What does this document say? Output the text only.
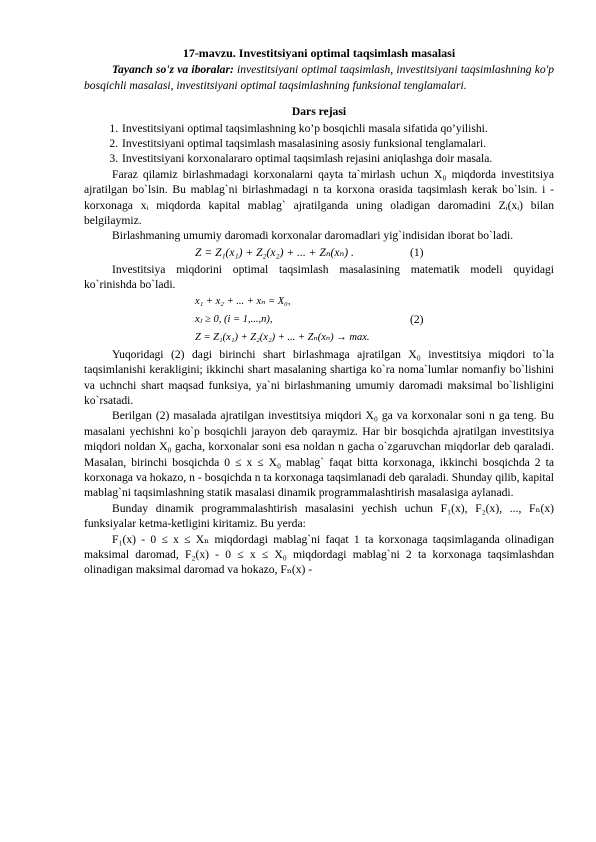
17-mavzu. Investitsiyani optimal taqsimlash masalasi

Tayanch so'z va iboralar: investitsiyani optimal taqsimlash, investitsiyani taqsimlashning ko'p bosqichli masalasi, investitsiyani optimal taqsimlashning funksional tenglamalari.

Dars rejasi
1. Investitsiyani optimal taqsimlashning ko’p bosqichli masala sifatida qo’yilishi.
2. Investitsiyani optimal taqsimlash masalasining asosiy funksional tenglamalari.
3. Investitsiyani korxonalararo optimal taqsimlash rejasini aniqlashga doir masala.

Faraz qilamiz birlashmadagi korxonalarni qayta ta`mirlash uchun X₀ miqdorda investitsiya ajratilgan bo`lsin. Bu mablag`ni birlashmadagi n ta korxona orasida taqsimlash kerak bo`lsin. i - korxonaga xᵢ miqdorda kapital mablag` ajratilganda uning oladigan daromadini Zᵢ(xᵢ) bilan belgilaymiz.

Birlashmaning umumiy daromadi korxonalar daromadlari yig`indisidan iborat bo`ladi.

Z = Z₁(x₁) + Z₂(x₂) + ... + Zₙ(xₙ) .	(1)

Investitsiya miqdorini optimal taqsimlash masalasining matematik modeli quyidagi ko`rinishda bo`ladi.

x₁ + x₂ + ... + xₙ = X₀,
xⱼ ≥ 0, (i = 1,...,n),
Z = Z₁(x₁) + Z₂(x₂) + ... + Zₙ(xₙ) → max.
(2)

Yuqoridagi (2) dagi birinchi shart birlashmaga ajratilgan X₀ investitsiya miqdori to`la taqsimlanishi kerakligini; ikkinchi shart masalaning shartiga ko`ra noma`lumlar nomanfiy bo`lishini va uchnchi shart maqsad funksiya, ya`ni birlashmaning umumiy daromadi maksimal bo`lishligini ko`rsatadi.

Berilgan (2) masalada ajratilgan investitsiya miqdori X₀ ga va korxonalar soni n ga teng. Bu masalani yechishni ko`p bosqichli jarayon deb qaraymiz. Har bir bosqichda ajratilgan investitsiya miqdori noldan X₀ gacha, korxonalar soni esa noldan n gacha o`zgaruvchan miqdorlar deb qaraladi. Masalan, birinchi bosqichda 0 ≤ x ≤ X₀ mablag` faqat bitta korxonaga, ikkinchi bosqichda 2 ta korxonaga va hokazo, n - bosqichda n ta korxonaga taqsimlanadi deb qaraladi. Shunday qilib, kapital mablag`ni taqsimlashning statik masalasi dinamik programmalashtirish masalasiga aylanadi.

Bunday dinamik programmalashtirish masalasini yechish uchun F₁(x), F₂(x), ..., Fₙ(x) funksiyalar ketma-ketligini kiritamiz. Bu yerda:

F₁(x) - 0 ≤ x ≤ Xₙ miqdordagi mablag`ni faqat 1 ta korxonaga taqsimlaganda olinadigan maksimal daromad, F₂(x) - 0 ≤ x ≤ X₀ miqdordagi mablag`ni 2 ta korxonaga taqsimlashdan olinadigan maksimal daromad va hokazo, Fₙ(x) -
